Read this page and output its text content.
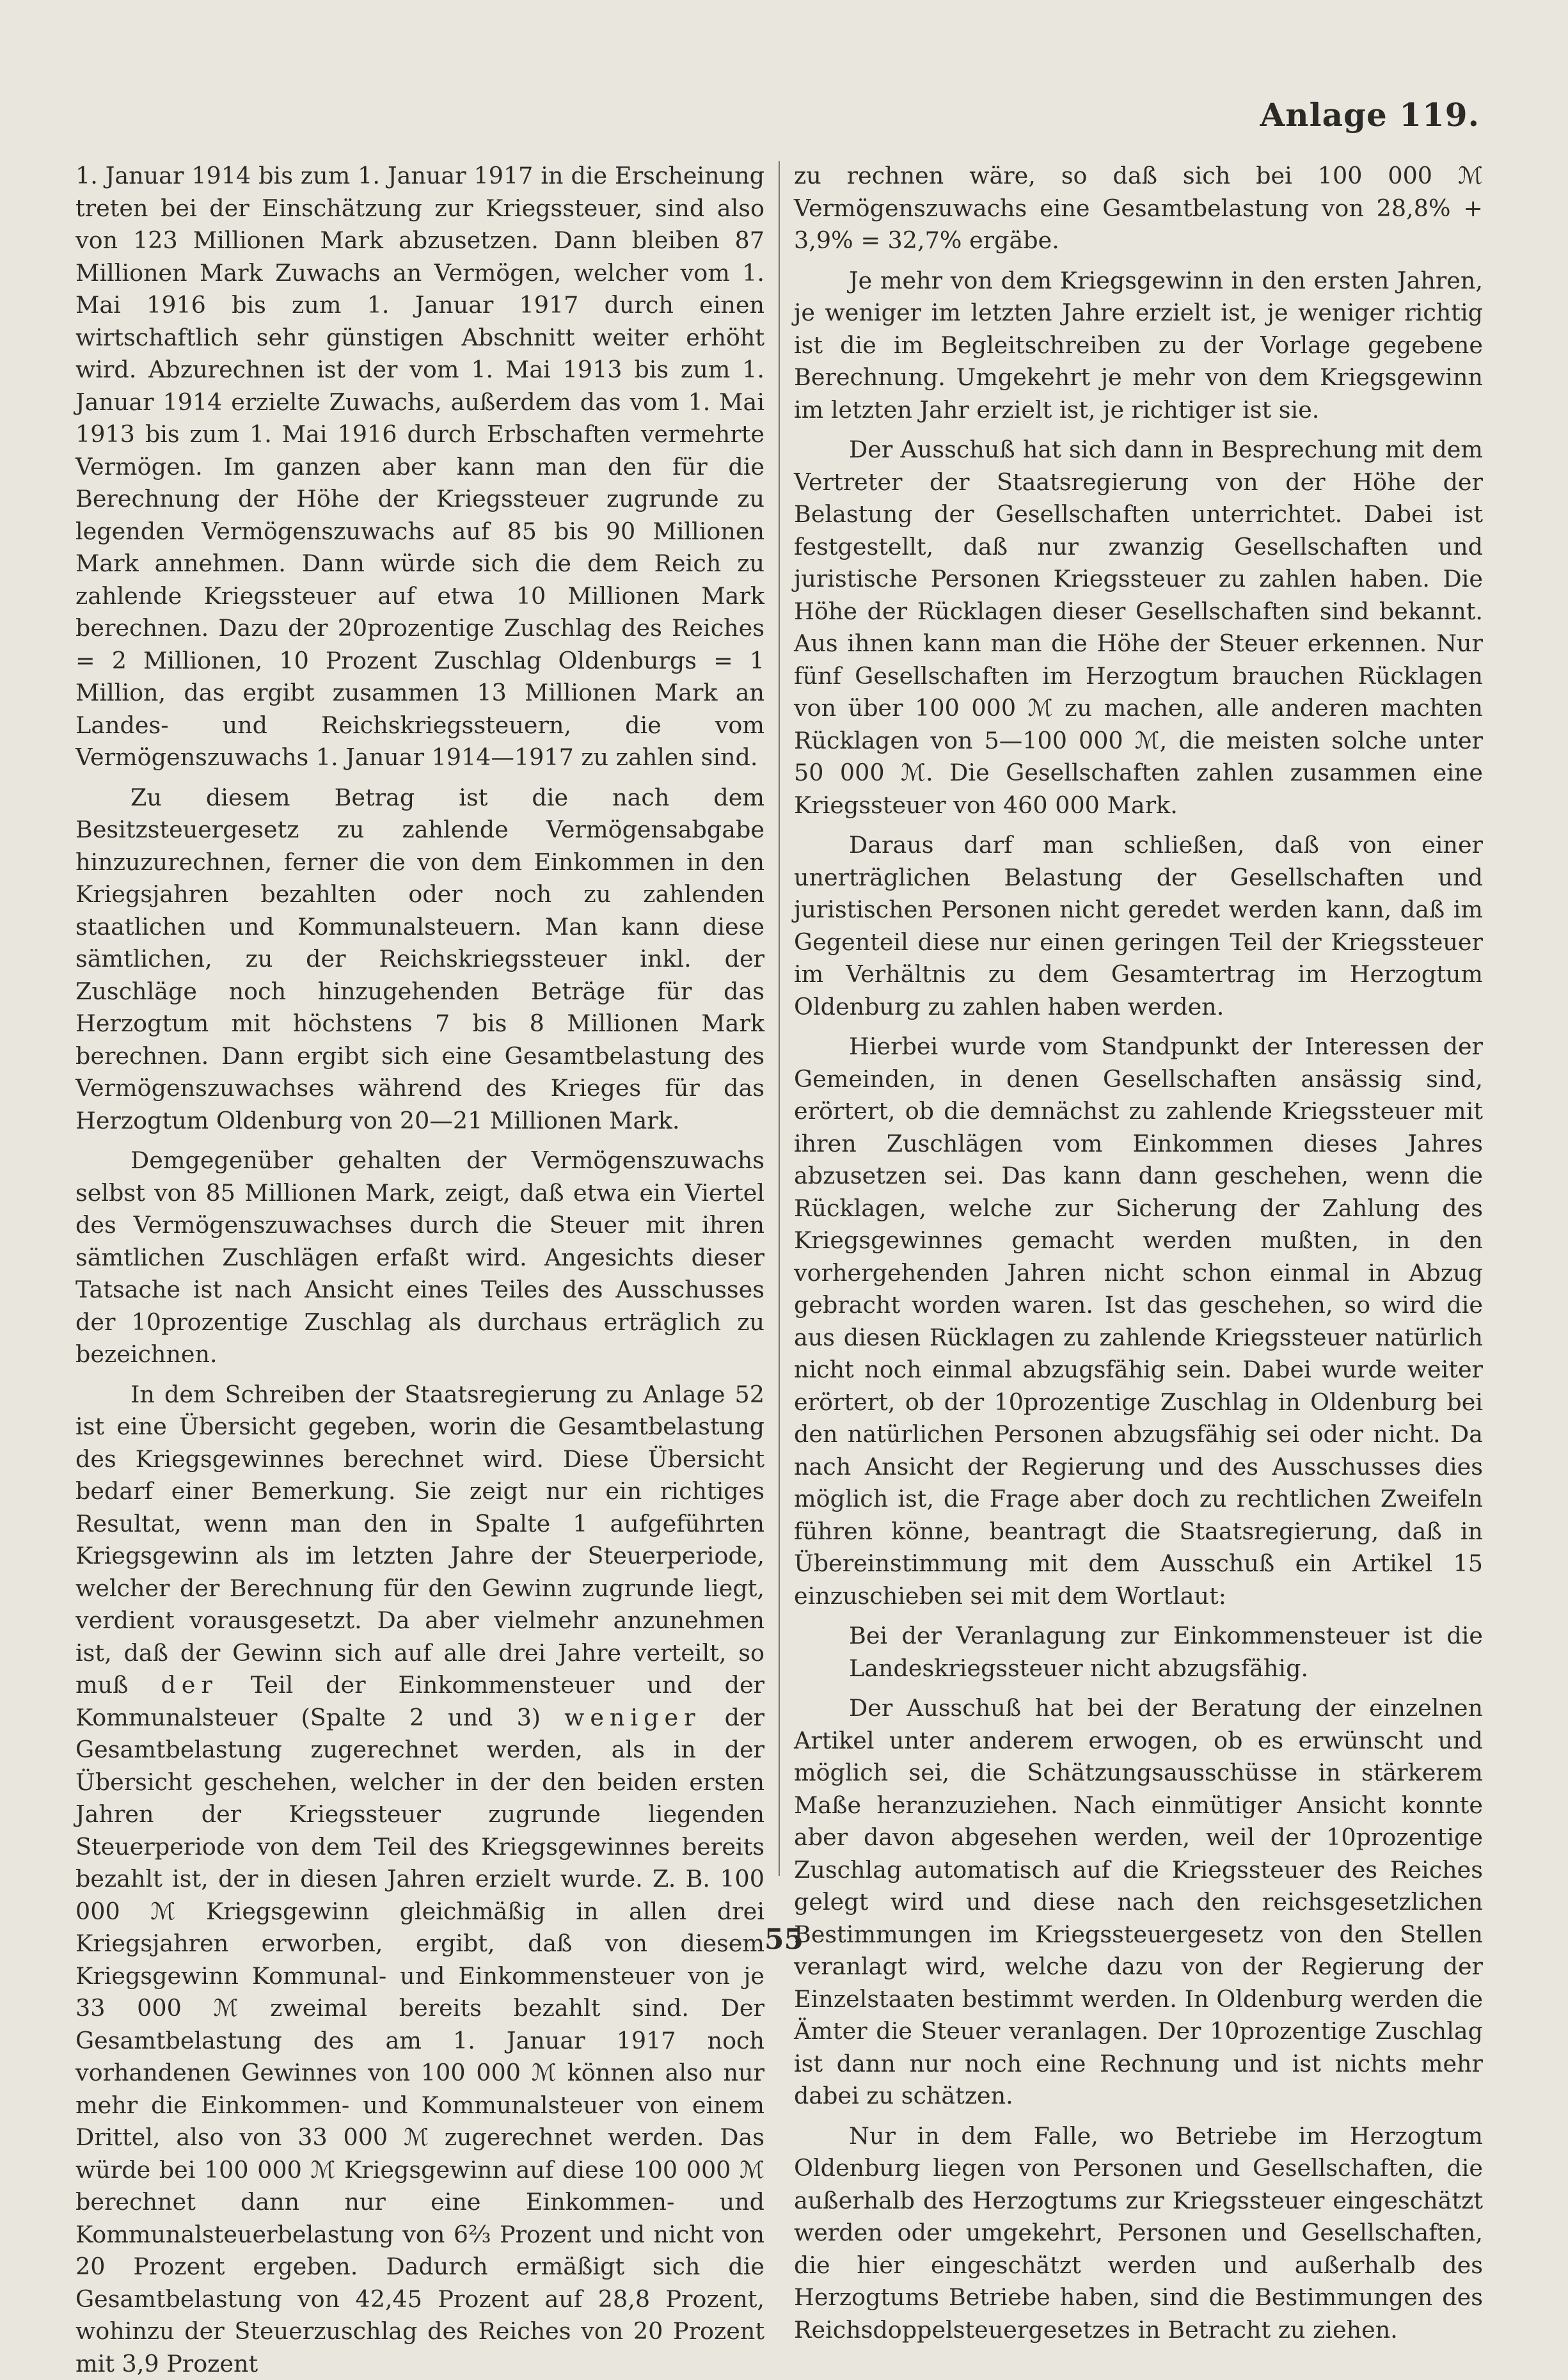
Anlage 119.

1. Januar 1914 bis zum 1. Januar 1917 in die Erscheinung treten bei der Einschätzung zur Kriegssteuer, sind also von 123 Millionen Mark abzusetzen. Dann bleiben 87 Millionen Mark Zuwachs an Vermögen, welcher vom 1. Mai 1916 bis zum 1. Januar 1917 durch einen wirtschaftlich sehr günstigen Abschnitt weiter erhöht wird. Abzurechnen ist der vom 1. Mai 1913 bis zum 1. Januar 1914 erzielte Zuwachs, außerdem das vom 1. Mai 1913 bis zum 1. Mai 1916 durch Erbschaften vermehrte Vermögen. Im ganzen aber kann man den für die Berechnung der Höhe der Kriegssteuer zugrunde zu legenden Vermögenszuwachs auf 85 bis 90 Millionen Mark annehmen. Dann würde sich die dem Reich zu zahlende Kriegssteuer auf etwa 10 Millionen Mark berechnen. Dazu der 20prozentige Zuschlag des Reiches = 2 Millionen, 10 Prozent Zuschlag Oldenburgs = 1 Million, das ergibt zusammen 13 Millionen Mark an Landes- und Reichskriegssteuern, die vom Vermögenszuwachs 1. Januar 1914—1917 zu zahlen sind.

Zu diesem Betrag ist die nach dem Besitzsteuergesetz zu zahlende Vermögensabgabe hinzuzurechnen, ferner die von dem Einkommen in den Kriegsjahren bezahlten oder noch zu zahlenden staatlichen und Kommunalsteuern. Man kann diese sämtlichen, zu der Reichskriegssteuer inkl. der Zuschläge noch hinzugehenden Beträge für das Herzogtum mit höchstens 7 bis 8 Millionen Mark berechnen. Dann ergibt sich eine Gesamtbelastung des Vermögenszuwachses während des Krieges für das Herzogtum Oldenburg von 20—21 Millionen Mark.

Demgegenüber gehalten der Vermögenszuwachs selbst von 85 Millionen Mark, zeigt, daß etwa ein Viertel des Vermögenszuwachses durch die Steuer mit ihren sämtlichen Zuschlägen erfaßt wird. Angesichts dieser Tatsache ist nach Ansicht eines Teiles des Ausschusses der 10prozentige Zuschlag als durchaus erträglich zu bezeichnen.

In dem Schreiben der Staatsregierung zu Anlage 52 ist eine Übersicht gegeben, worin die Gesamtbelastung des Kriegsgewinnes berechnet wird. Diese Übersicht bedarf einer Bemerkung. Sie zeigt nur ein richtiges Resultat, wenn man den in Spalte 1 aufgeführten Kriegsgewinn als im letzten Jahre der Steuerperiode, welcher der Berechnung für den Gewinn zugrunde liegt, verdient vorausgesetzt. Da aber vielmehr anzunehmen ist, daß der Gewinn sich auf alle drei Jahre verteilt, so muß der Teil der Einkommensteuer und der Kommunalsteuer (Spalte 2 und 3) weniger der Gesamtbelastung zugerechnet werden, als in der Übersicht geschehen, welcher in der den beiden ersten Jahren der Kriegssteuer zugrunde liegenden Steuerperiode von dem Teil des Kriegsgewinnes bereits bezahlt ist, der in diesen Jahren erzielt wurde. Z. B. 100 000 ℳ Kriegsgewinn gleichmäßig in allen drei Kriegsjahren erworben, ergibt, daß von diesem Kriegsgewinn Kommunal- und Einkommensteuer von je 33 000 ℳ zweimal bereits bezahlt sind. Der Gesamtbelastung des am 1. Januar 1917 noch vorhandenen Gewinnes von 100 000 ℳ können also nur mehr die Einkommen- und Kommunalsteuer von einem Drittel, also von 33 000 ℳ zugerechnet werden. Das würde bei 100 000 ℳ Kriegsgewinn auf diese 100 000 ℳ berechnet dann nur eine Einkommen- und Kommunalsteuerbelastung von 6⅔ Prozent und nicht von 20 Prozent ergeben. Dadurch ermäßigt sich die Gesamtbelastung von 42,45 Prozent auf 28,8 Prozent, wohinzu der Steuerzuschlag des Reiches von 20 Prozent mit 3,9 Prozent

zu rechnen wäre, so daß sich bei 100 000 ℳ Vermögenszuwachs eine Gesamtbelastung von 28,8% + 3,9% = 32,7% ergäbe.

Je mehr von dem Kriegsgewinn in den ersten Jahren, je weniger im letzten Jahre erzielt ist, je weniger richtig ist die im Begleitschreiben zu der Vorlage gegebene Berechnung. Umgekehrt je mehr von dem Kriegsgewinn im letzten Jahr erzielt ist, je richtiger ist sie.

Der Ausschuß hat sich dann in Besprechung mit dem Vertreter der Staatsregierung von der Höhe der Belastung der Gesellschaften unterrichtet. Dabei ist festgestellt, daß nur zwanzig Gesellschaften und juristische Personen Kriegssteuer zu zahlen haben. Die Höhe der Rücklagen dieser Gesellschaften sind bekannt. Aus ihnen kann man die Höhe der Steuer erkennen. Nur fünf Gesellschaften im Herzogtum brauchen Rücklagen von über 100 000 ℳ zu machen, alle anderen machten Rücklagen von 5—100 000 ℳ, die meisten solche unter 50 000 ℳ. Die Gesellschaften zahlen zusammen eine Kriegssteuer von 460 000 Mark.

Daraus darf man schließen, daß von einer unerträglichen Belastung der Gesellschaften und juristischen Personen nicht geredet werden kann, daß im Gegenteil diese nur einen geringen Teil der Kriegssteuer im Verhältnis zu dem Gesamtertrag im Herzogtum Oldenburg zu zahlen haben werden.

Hierbei wurde vom Standpunkt der Interessen der Gemeinden, in denen Gesellschaften ansässig sind, erörtert, ob die demnächst zu zahlende Kriegssteuer mit ihren Zuschlägen vom Einkommen dieses Jahres abzusetzen sei. Das kann dann geschehen, wenn die Rücklagen, welche zur Sicherung der Zahlung des Kriegsgewinnes gemacht werden mußten, in den vorhergehenden Jahren nicht schon einmal in Abzug gebracht worden waren. Ist das geschehen, so wird die aus diesen Rücklagen zu zahlende Kriegssteuer natürlich nicht noch einmal abzugsfähig sein. Dabei wurde weiter erörtert, ob der 10prozentige Zuschlag in Oldenburg bei den natürlichen Personen abzugsfähig sei oder nicht. Da nach Ansicht der Regierung und des Ausschusses dies möglich ist, die Frage aber doch zu rechtlichen Zweifeln führen könne, beantragt die Staatsregierung, daß in Übereinstimmung mit dem Ausschuß ein Artikel 15 einzuschieben sei mit dem Wortlaut:

Bei der Veranlagung zur Einkommensteuer ist die Landeskriegssteuer nicht abzugsfähig.

Der Ausschuß hat bei der Beratung der einzelnen Artikel unter anderem erwogen, ob es erwünscht und möglich sei, die Schätzungsausschüsse in stärkerem Maße heranzuziehen. Nach einmütiger Ansicht konnte aber davon abgesehen werden, weil der 10prozentige Zuschlag automatisch auf die Kriegssteuer des Reiches gelegt wird und diese nach den reichsgesetzlichen Bestimmungen im Kriegssteuergesetz von den Stellen veranlagt wird, welche dazu von der Regierung der Einzelstaaten bestimmt werden. In Oldenburg werden die Ämter die Steuer veranlagen. Der 10prozentige Zuschlag ist dann nur noch eine Rechnung und ist nichts mehr dabei zu schätzen.

Nur in dem Falle, wo Betriebe im Herzogtum Oldenburg liegen von Personen und Gesellschaften, die außerhalb des Herzogtums zur Kriegssteuer eingeschätzt werden oder umgekehrt, Personen und Gesellschaften, die hier eingeschätzt werden und außerhalb des Herzogtums Betriebe haben, sind die Bestimmungen des Reichsdoppelsteuergesetzes in Betracht zu ziehen.

55
